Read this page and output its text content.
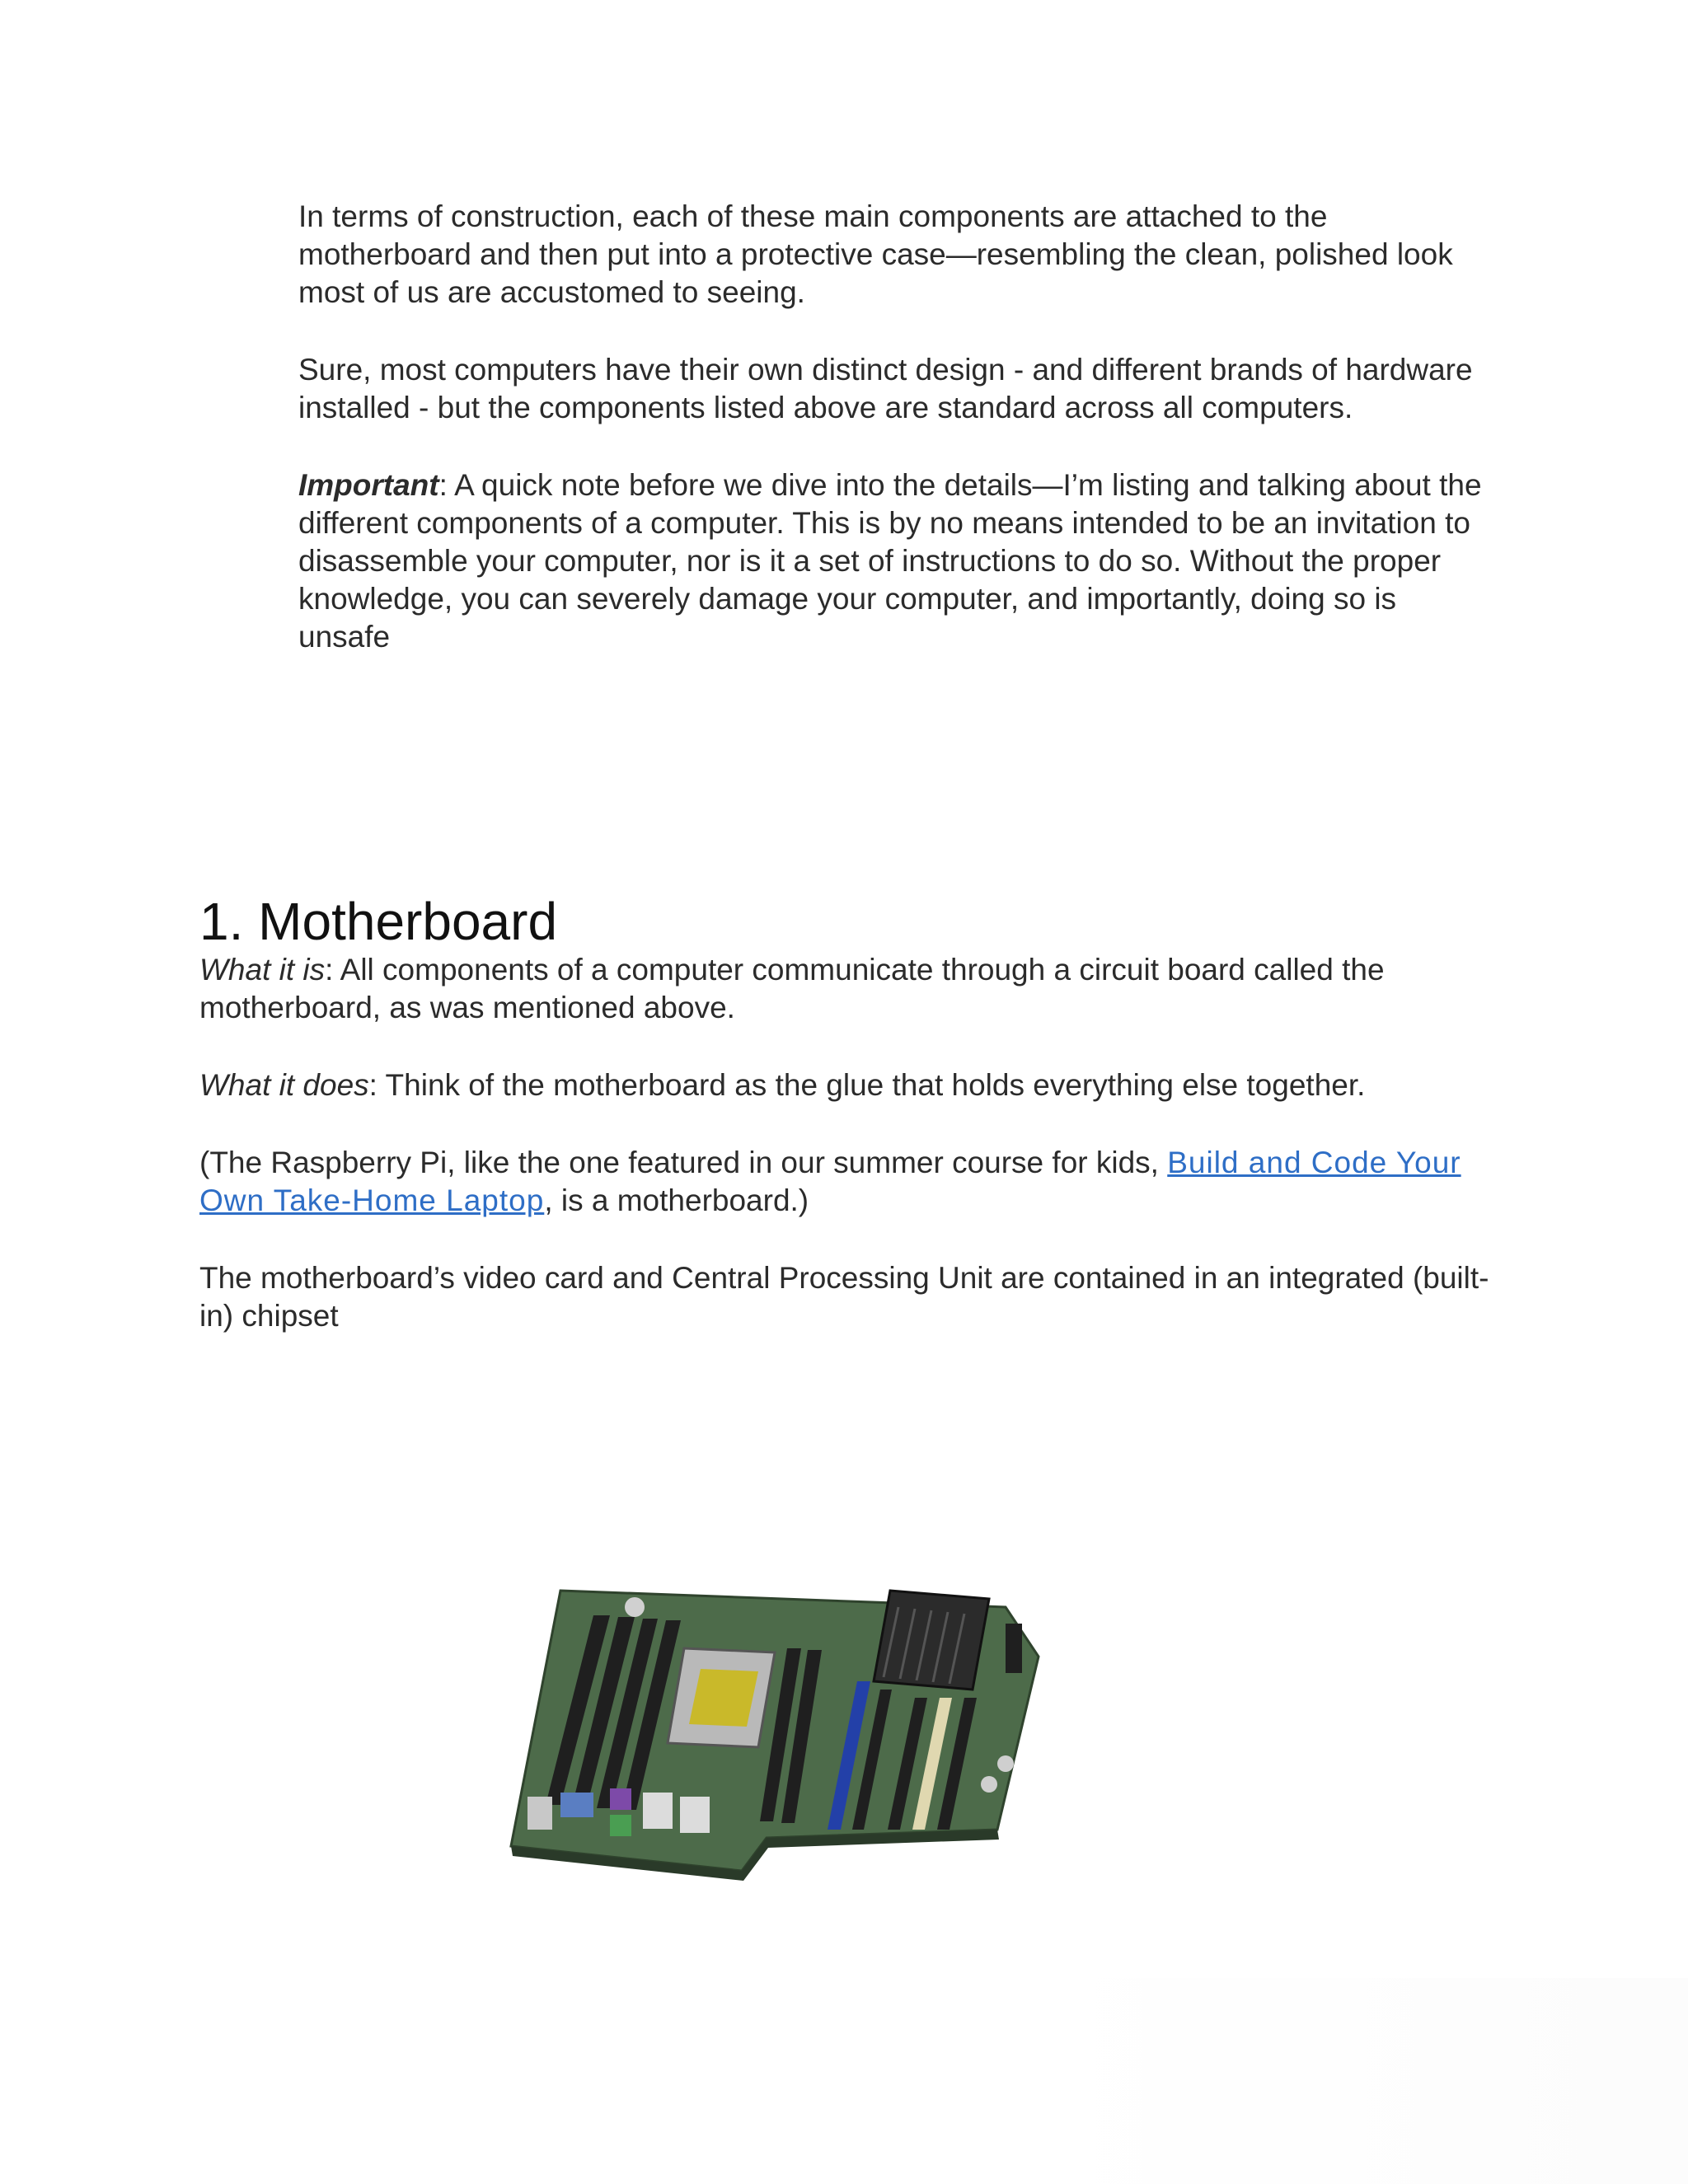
In terms of construction, each of these main components are attached to the motherboard and then put into a protective case—resembling the clean, polished look most of us are accustomed to seeing.

Sure, most computers have their own distinct design - and different brands of hardware installed - but the components listed above are standard across all computers.

Important: A quick note before we dive into the details—I’m listing and talking about the different components of a computer. This is by no means intended to be an invitation to disassemble your computer, nor is it a set of instructions to do so. Without the proper knowledge, you can severely damage your computer, and importantly, doing so is unsafe

1. Motherboard

What it is: All components of a computer communicate through a circuit board called the motherboard, as was mentioned above.

What it does: Think of the motherboard as the glue that holds everything else together.

(The Raspberry Pi, like the one featured in our summer course for kids, Build and Code Your Own Take-Home Laptop, is a motherboard.)

The motherboard’s video card and Central Processing Unit are contained in an integrated (built-in) chipset
